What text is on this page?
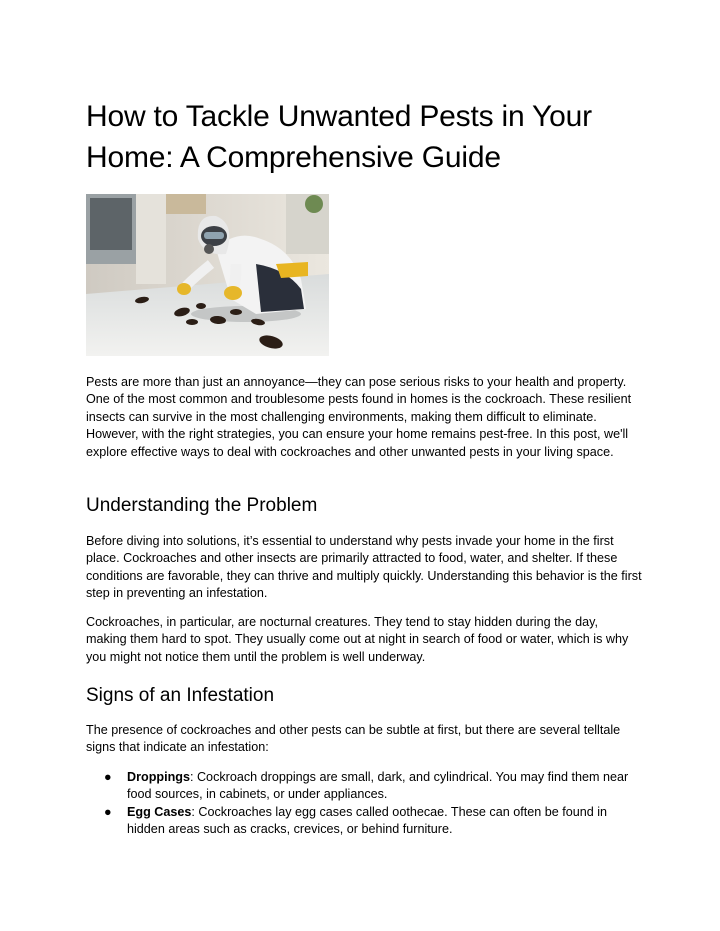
How to Tackle Unwanted Pests in Your Home: A Comprehensive Guide

Pests are more than just an annoyance—they can pose serious risks to your health and property. One of the most common and troublesome pests found in homes is the cockroach. These resilient insects can survive in the most challenging environments, making them difficult to eliminate. However, with the right strategies, you can ensure your home remains pest-free. In this post, we'll explore effective ways to deal with cockroaches and other unwanted pests in your living space.

Understanding the Problem

Before diving into solutions, it’s essential to understand why pests invade your home in the first place. Cockroaches and other insects are primarily attracted to food, water, and shelter. If these conditions are favorable, they can thrive and multiply quickly. Understanding this behavior is the first step in preventing an infestation.

Cockroaches, in particular, are nocturnal creatures. They tend to stay hidden during the day, making them hard to spot. They usually come out at night in search of food or water, which is why you might not notice them until the problem is well underway.

Signs of an Infestation

The presence of cockroaches and other pests can be subtle at first, but there are several telltale signs that indicate an infestation:

● Droppings: Cockroach droppings are small, dark, and cylindrical. You may find them near food sources, in cabinets, or under appliances.
● Egg Cases: Cockroaches lay egg cases called oothecae. These can often be found in hidden areas such as cracks, crevices, or behind furniture.
